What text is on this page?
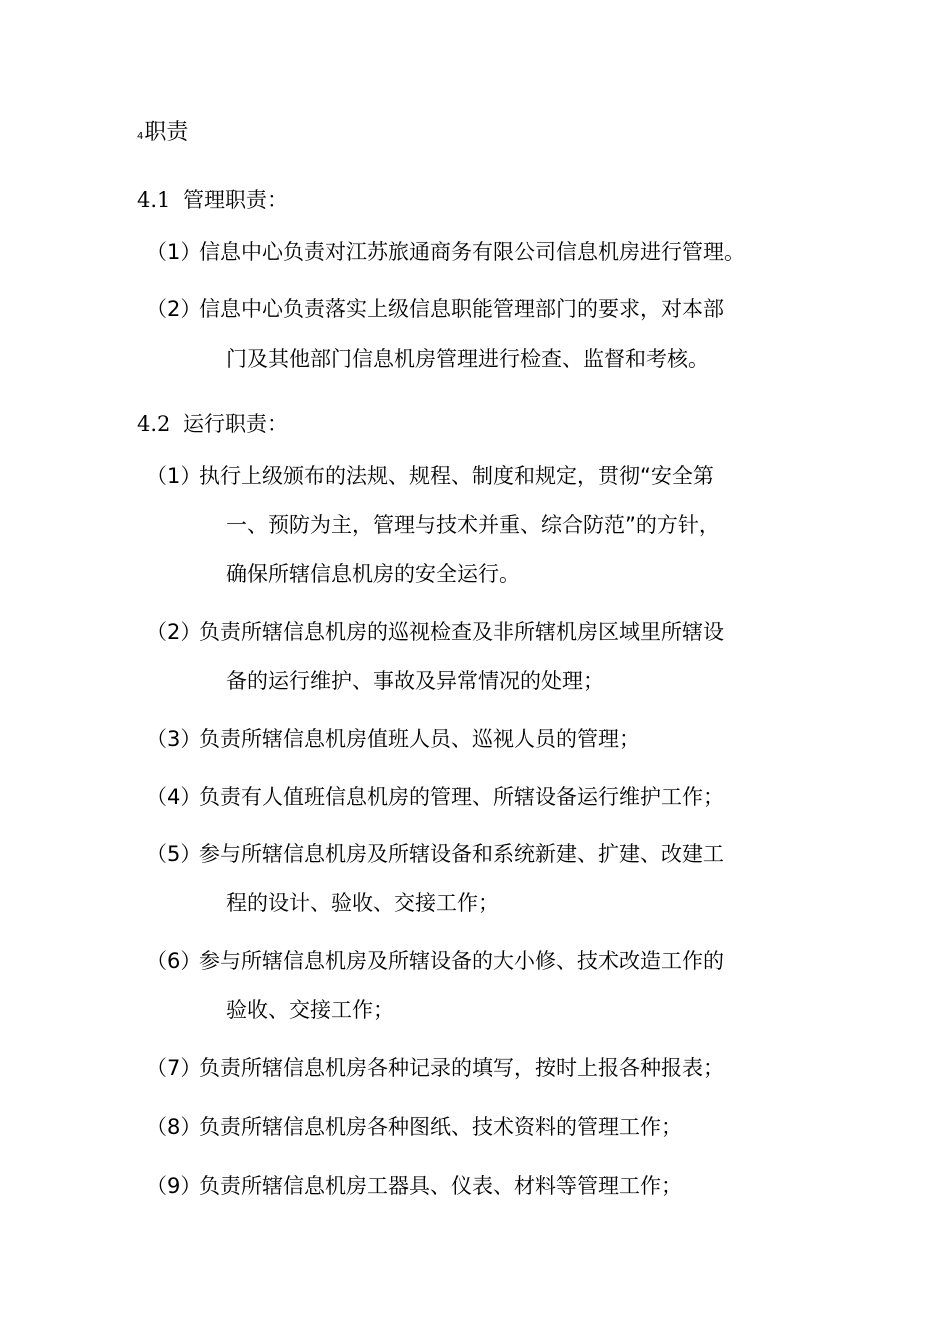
4职责
4.1 管理职责：
（1）信息中心负责对江苏旅通商务有限公司信息机房进行管理。
（2）信息中心负责落实上级信息职能管理部门的要求，对本部
门及其他部门信息机房管理进行检查、监督和考核。
4.2 运行职责：
（1）执行上级颁布的法规、规程、制度和规定，贯彻“安全第
一、预防为主，管理与技术并重、综合防范”的方针，
确保所辖信息机房的安全运行。
（2）负责所辖信息机房的巡视检查及非所辖机房区域里所辖设
备的运行维护、事故及异常情况的处理；
（3）负责所辖信息机房值班人员、巡视人员的管理；
（4）负责有人值班信息机房的管理、所辖设备运行维护工作；
（5）参与所辖信息机房及所辖设备和系统新建、扩建、改建工
程的设计、验收、交接工作；
（6）参与所辖信息机房及所辖设备的大小修、技术改造工作的
验收、交接工作；
（7）负责所辖信息机房各种记录的填写，按时上报各种报表；
（8）负责所辖信息机房各种图纸、技术资料的管理工作；
（9）负责所辖信息机房工器具、仪表、材料等管理工作；
